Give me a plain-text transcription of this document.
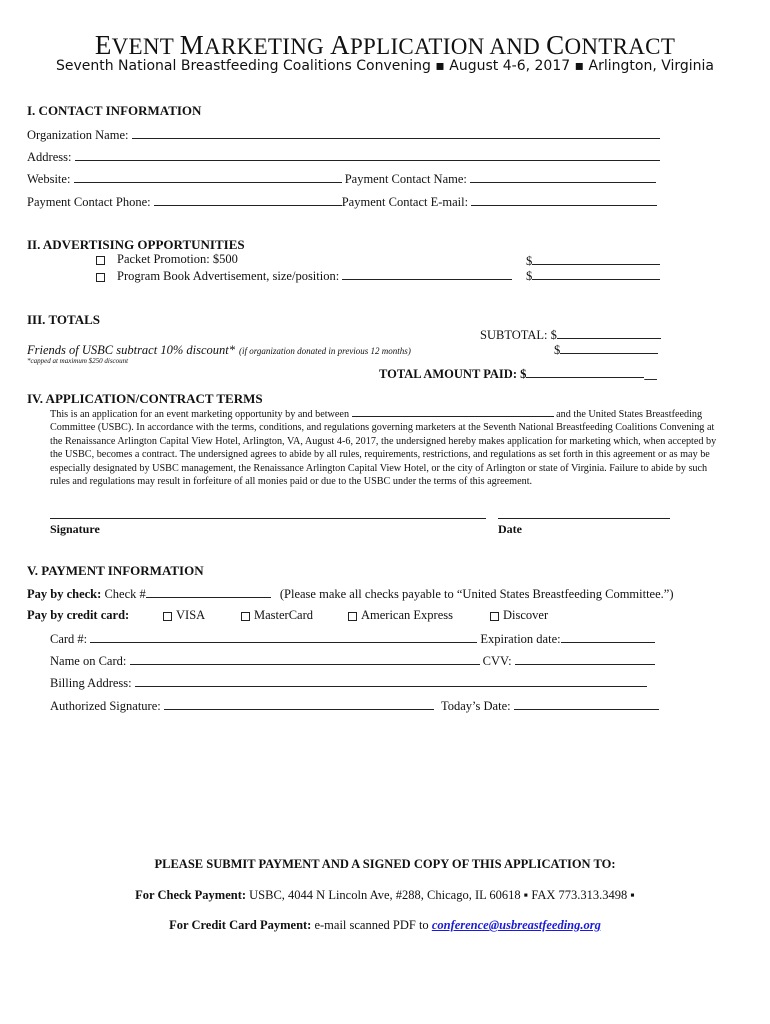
EVENT MARKETING APPLICATION AND CONTRACT
Seventh National Breastfeeding Coalitions Convening ▪ August 4-6, 2017 ▪ Arlington, Virginia
I. CONTACT INFORMATION
Organization Name:
Address:
Website:	Payment Contact Name:
Payment Contact Phone:	Payment Contact E-mail:
II. ADVERTISING OPPORTUNITIES
Packet Promotion: $500	$
Program Book Advertisement, size/position:	$
III. TOTALS
SUBTOTAL: $
Friends of USBC subtract 10% discount* (if organization donated in previous 12 months)	$
*capped at maximum $250 discount
TOTAL AMOUNT PAID: $	__
IV. APPLICATION/CONTRACT TERMS
This is an application for an event marketing opportunity by and between	and the United States Breastfeeding Committee (USBC). In accordance with the terms, conditions, and regulations governing marketers at the Seventh National Breastfeeding Coalitions Convening at the Renaissance Arlington Capital View Hotel, Arlington, VA, August 4-6, 2017, the undersigned hereby makes application for marketing which, when accepted by the USBC, becomes a contract. The undersigned agrees to abide by all rules, requirements, restrictions, and regulations as set forth in this agreement or as may be especially designated by USBC management, the Renaissance Arlington Capital View Hotel, or the city of Arlington or state of Virginia. Failure to abide by such rules and regulations may result in forfeiture of all monies paid or due to the USBC under the terms of this agreement.
Signature	Date
V. PAYMENT INFORMATION
Pay by check: Check #	(Please make all checks payable to “United States Breastfeeding Committee.”)
Pay by credit card:	VISA	MasterCard	American Express	Discover
Card #:	Expiration date:
Name on Card:	CVV:
Billing Address:
Authorized Signature:	Today’s Date:
PLEASE SUBMIT PAYMENT AND A SIGNED COPY OF THIS APPLICATION TO:
For Check Payment: USBC, 4044 N Lincoln Ave, #288, Chicago, IL 60618 ▪ FAX 773.313.3498 ▪
For Credit Card Payment: e-mail scanned PDF to conference@usbreastfeeding.org
